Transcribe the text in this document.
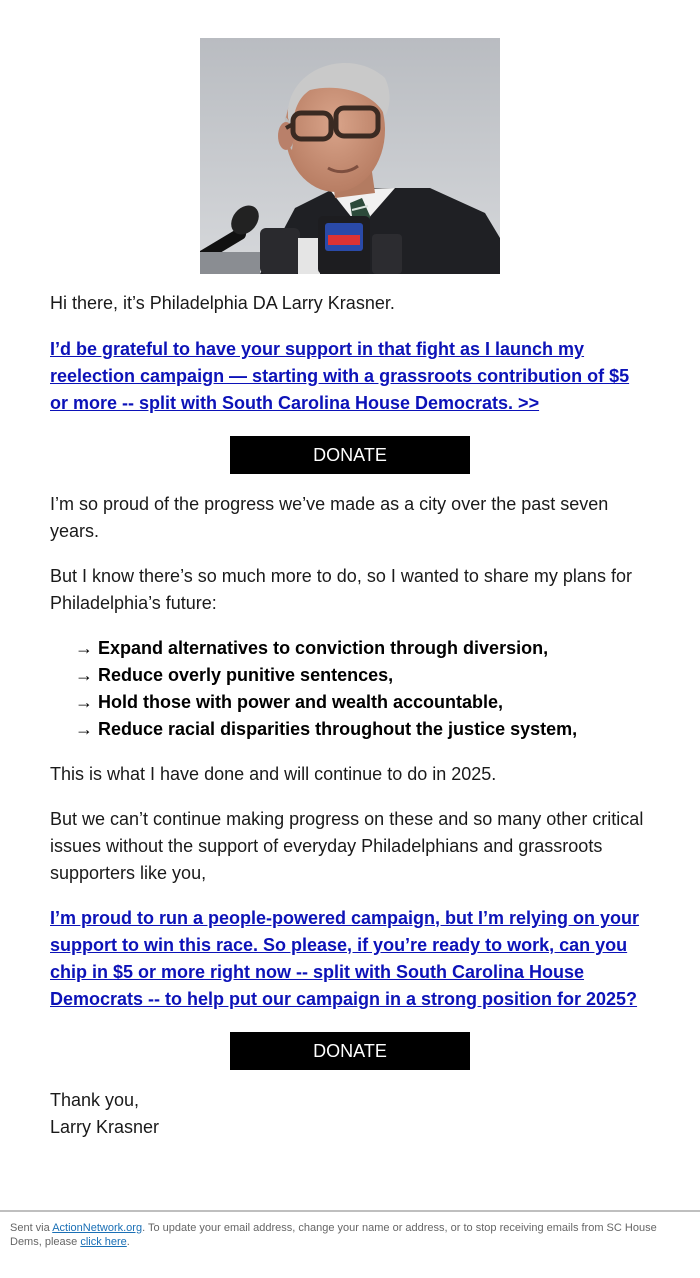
Hi there, it’s Philadelphia DA Larry Krasner.

I’d be grateful to have your support in that fight as I launch my reelection campaign — starting with a grassroots contribution of $5 or more -- split with South Carolina House Democrats. >>

DONATE

I’m so proud of the progress we’ve made as a city over the past seven years.

But I know there’s so much more to do, so I wanted to share my plans for Philadelphia’s future:

→ Expand alternatives to conviction through diversion,
→ Reduce overly punitive sentences,
→ Hold those with power and wealth accountable,
→ Reduce racial disparities throughout the justice system,

This is what I have done and will continue to do in 2025.

But we can’t continue making progress on these and so many other critical issues without the support of everyday Philadelphians and grassroots supporters like you,

I’m proud to run a people-powered campaign, but I’m relying on your support to win this race. So please, if you’re ready to work, can you chip in $5 or more right now -- split with South Carolina House Democrats -- to help put our campaign in a strong position for 2025?

DONATE

Thank you,

Larry Krasner

Sent via ActionNetwork.org. To update your email address, change your name or address, or to stop receiving emails from SC House Dems, please click here.
